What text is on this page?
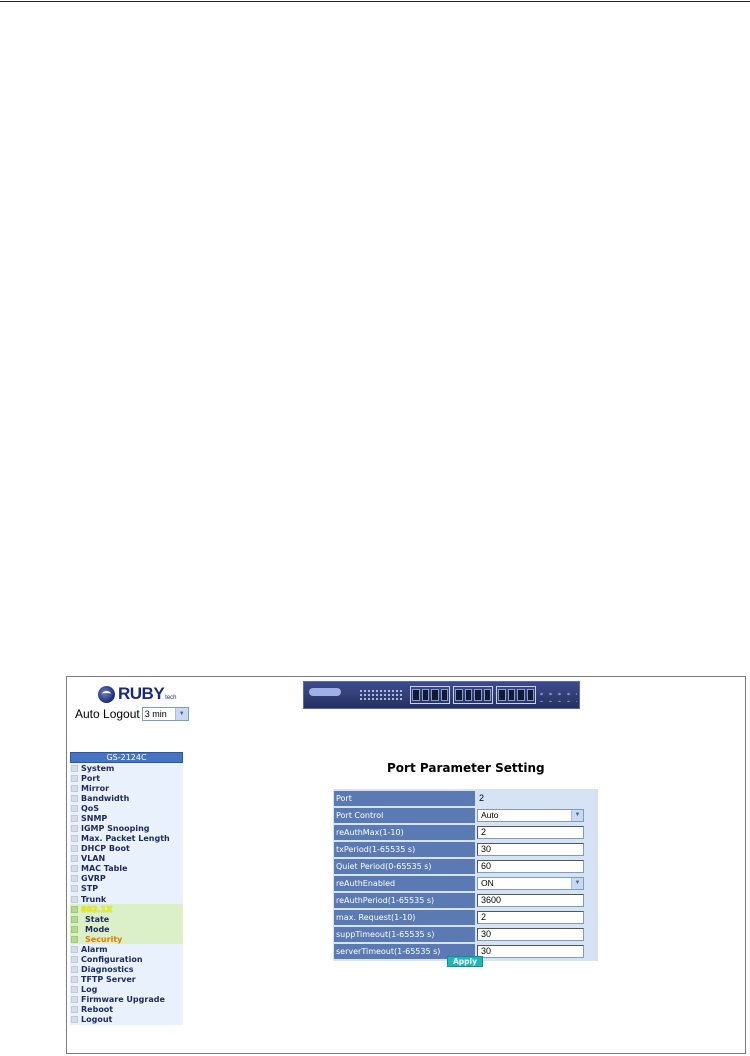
RUBY tech
Auto Logout 3 min	▼
GS-2124C
System
Port
Mirror
Bandwidth
QoS
SNMP
IGMP Snooping
Max. Packet Length
DHCP Boot
VLAN
MAC Table
GVRP
STP
Trunk
802.1X
State
Mode
Security
Alarm
Configuration
Diagnostics
TFTP Server
Log
Firmware Upgrade
Reboot
Logout
Port Parameter Setting
Port	2
Port Control	Auto	▼
reAuthMax(1-10)	2
txPeriod(1-65535 s)	30
Quiet Period(0-65535 s)	60
reAuthEnabled	ON	▼
reAuthPeriod(1-65535 s)	3600
max. Request(1-10)	2
suppTimeout(1-65535 s)	30
serverTimeout(1-65535 s)	30
Apply
